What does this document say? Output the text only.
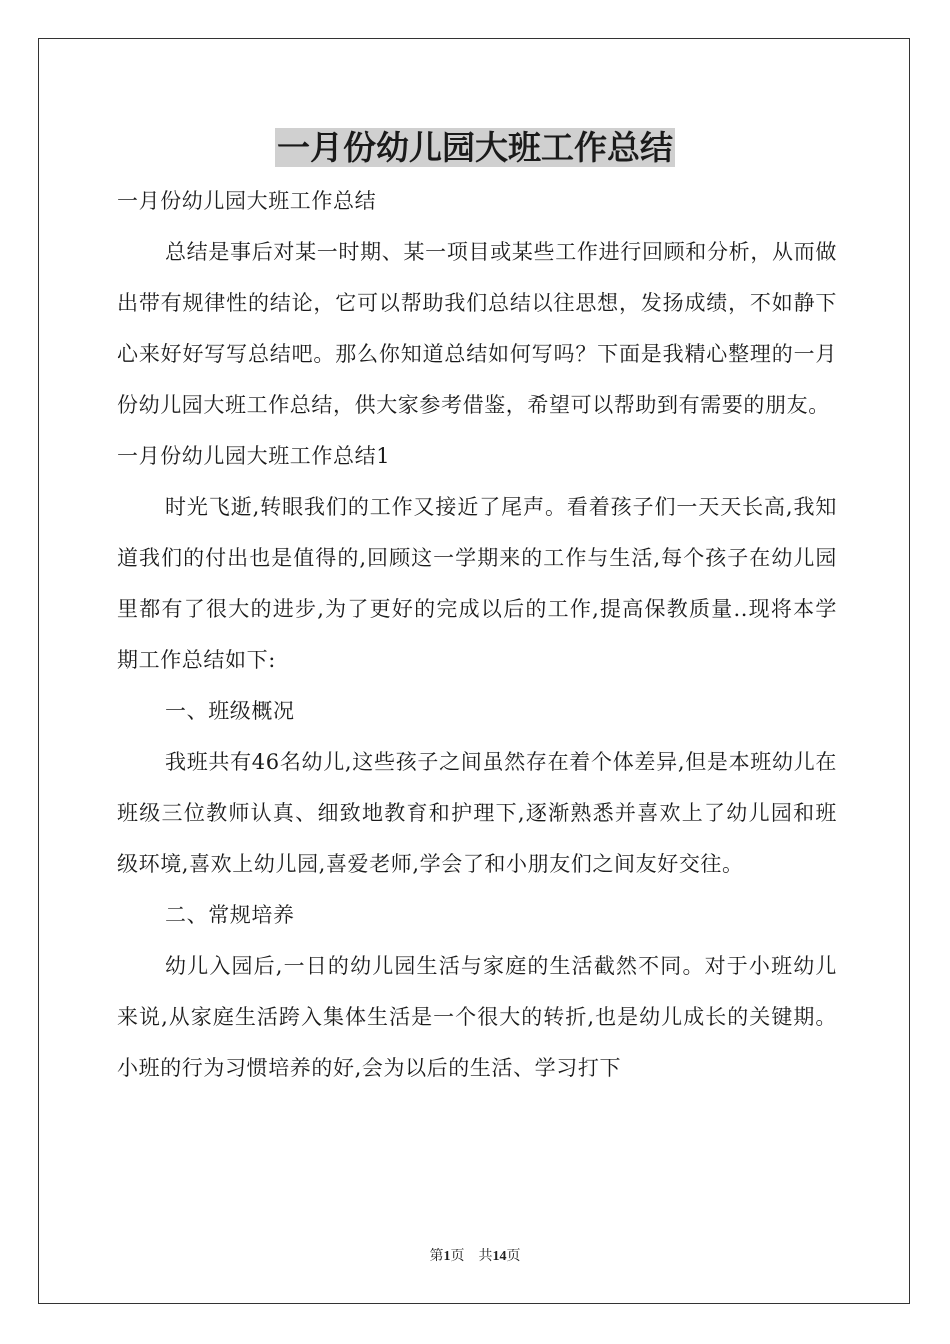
一月份幼儿园大班工作总结

一月份幼儿园大班工作总结

总结是事后对某一时期、某一项目或某些工作进行回顾和分析，从而做出带有规律性的结论，它可以帮助我们总结以往思想，发扬成绩，不如静下心来好好写写总结吧。那么你知道总结如何写吗？下面是我精心整理的一月份幼儿园大班工作总结，供大家参考借鉴，希望可以帮助到有需要的朋友。

一月份幼儿园大班工作总结1

时光飞逝,转眼我们的工作又接近了尾声。看着孩子们一天天长高,我知道我们的付出也是值得的,回顾这一学期来的工作与生活,每个孩子在幼儿园里都有了很大的进步,为了更好的完成以后的工作,提高保教质量..现将本学期工作总结如下:

一、班级概况

我班共有46名幼儿,这些孩子之间虽然存在着个体差异,但是本班幼儿在班级三位教师认真、细致地教育和护理下,逐渐熟悉并喜欢上了幼儿园和班级环境,喜欢上幼儿园,喜爱老师,学会了和小朋友们之间友好交往。

二、常规培养

幼儿入园后,一日的幼儿园生活与家庭的生活截然不同。对于小班幼儿来说,从家庭生活跨入集体生活是一个很大的转折,也是幼儿成长的关键期。小班的行为习惯培养的好,会为以后的生活、学习打下

第1页 共14页
